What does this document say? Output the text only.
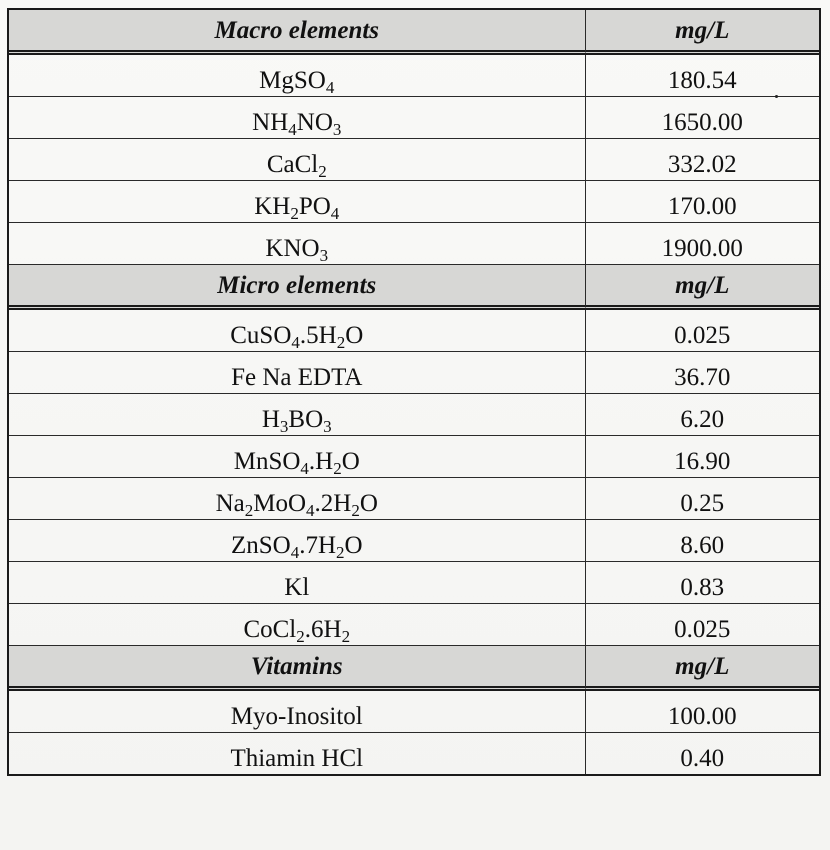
Macro elements	mg/L
MgSO$_4$	180.54
$NH_4NO_3$	1650.00
CaCl$_2$	332.02
$KH_2PO_4$	170.00
$KNO_3$	1900.00
Micro elements	mg/L
$CuSO_4.5H_2O$	0.025
Fe Na EDTA	36.70
$H_3BO_3$	6.20
$MnSO_4.H_2O$	16.90
$Na_2MoO_4.2H_2O$	0.25
$ZnSO_4.7H_2O$	8.60
Kl	0.83
$CoCl_2.6H_2$	0.025
Vitamins	mg/L
Myo-Inositol	100.00
Thiamin HCl	0.40
